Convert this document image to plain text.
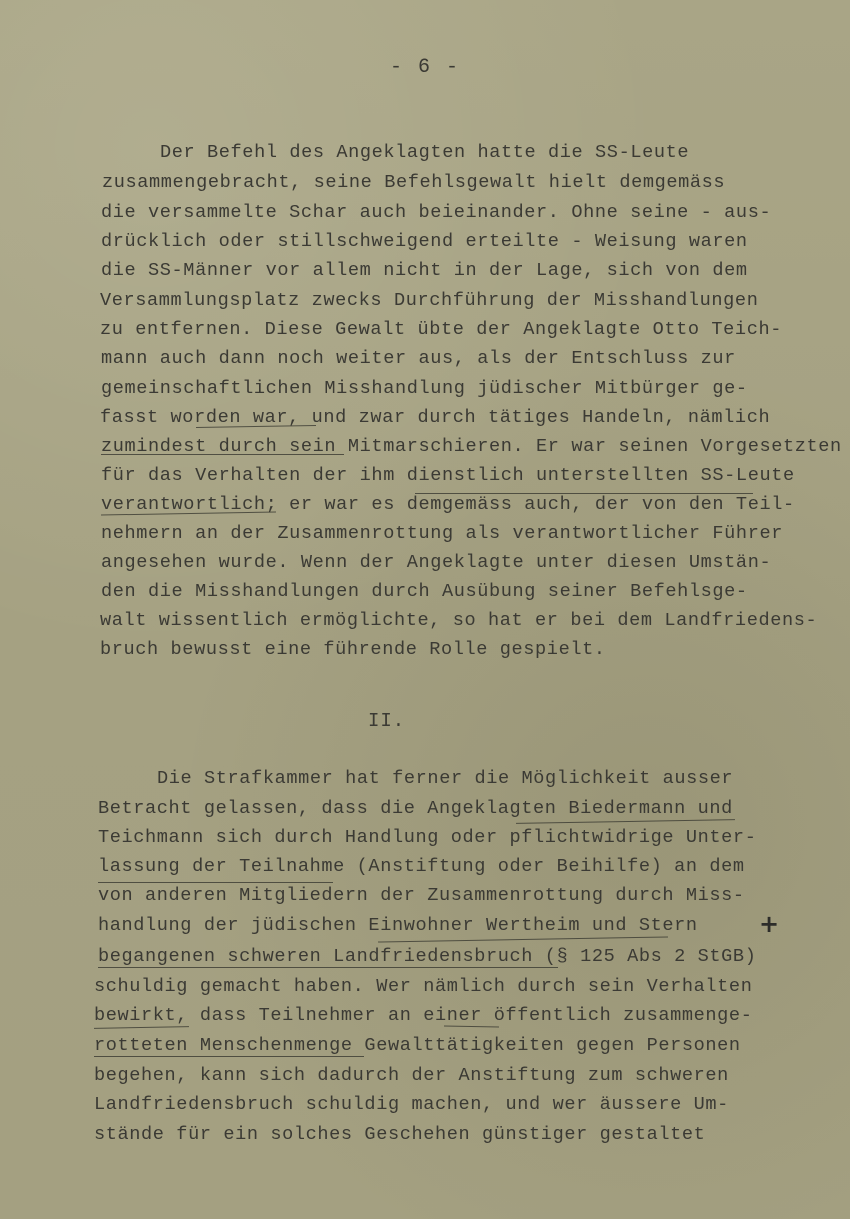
- 6 -
Der Befehl des Angeklagten hatte die SS-Leute
zusammengebracht, seine Befehlsgewalt hielt demgemäss
die versammelte Schar auch beieinander. Ohne seine - aus-
drücklich oder stillschweigend erteilte - Weisung waren
die SS-Männer vor allem nicht in der Lage, sich von dem
Versammlungsplatz zwecks Durchführung der Misshandlungen
zu entfernen. Diese Gewalt übte der Angeklagte Otto Teich-
mann auch dann noch weiter aus, als der Entschluss zur
gemeinschaftlichen Misshandlung jüdischer Mitbürger ge-
fasst worden war, und zwar durch tätiges Handeln, nämlich
zumindest durch sein Mitmarschieren. Er war seinen Vorgesetzten
für das Verhalten der ihm dienstlich unterstellten SS-Leute
verantwortlich; er war es demgemäss auch, der von den Teil-
nehmern an der Zusammenrottung als verantwortlicher Führer
angesehen wurde. Wenn der Angeklagte unter diesen Umstän-
den die Misshandlungen durch Ausübung seiner Befehlsge-
walt wissentlich ermöglichte, so hat er bei dem Landfriedens-
bruch bewusst eine führende Rolle gespielt.
II.
Die Strafkammer hat ferner die Möglichkeit ausser
Betracht gelassen, dass die Angeklagten Biedermann und
Teichmann sich durch Handlung oder pflichtwidrige Unter-
lassung der Teilnahme (Anstiftung oder Beihilfe) an dem
von anderen Mitgliedern der Zusammenrottung durch Miss-
handlung der jüdischen Einwohner Wertheim und Stern
begangenen schweren Landfriedensbruch (§ 125 Abs 2 StGB)
schuldig gemacht haben. Wer nämlich durch sein Verhalten
bewirkt, dass Teilnehmer an einer öffentlich zusammenge-
rotteten Menschenmenge Gewalttätigkeiten gegen Personen
begehen, kann sich dadurch der Anstiftung zum schweren
Landfriedensbruch schuldig machen, und wer äussere Um-
stände für ein solches Geschehen günstiger gestaltet
+
